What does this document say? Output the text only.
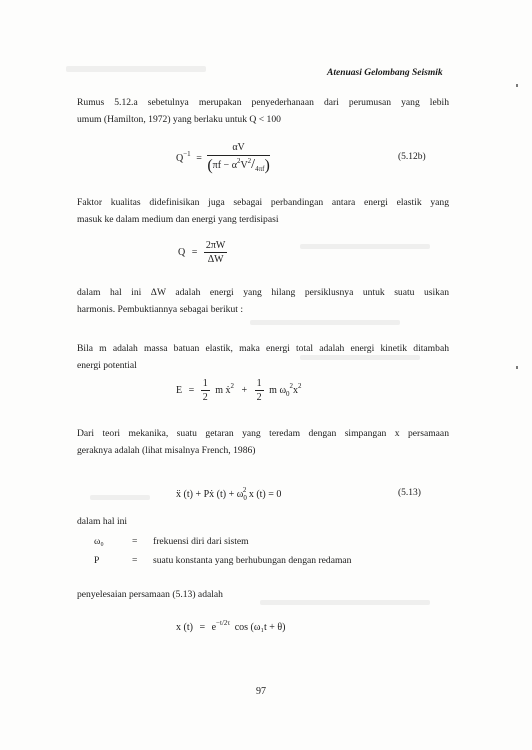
Atenuasi Gelombang Seismik
Rumus 5.12.a sebetulnya merupakan penyederhanaan dari perumusan yang lebih
umum (Hamilton, 1972) yang berlaku untuk Q < 100
$Q^{-1} = \frac{\alpha V}{(\pi f - \alpha^2V^2/_{4\pi f})}$	(5.12b)
Faktor kualitas didefinisikan juga sebagai perbandingan antara energi elastik yang
masuk ke dalam medium dan energi yang terdisipasi
$Q = \frac{2\pi W}{\Delta W}$
dalam hal ini ΔW adalah energi yang hilang persiklusnya untuk suatu usikan
harmonis. Pembuktiannya sebagai berikut :
Bila m adalah massa batuan elastik, maka energi total adalah energi kinetik ditambah
energi potential
$E = \frac{1}{2}$ m ẋ$^2$ + $\frac{1}{2}$ m $\omega_0^2x^2$
Dari teori mekanika, suatu getaran yang teredam dengan simpangan x persamaan
geraknya adalah (lihat misalnya French, 1986)
ẍ (t) + Pẋ $(t) + \omega_0^2$ x (t) = 0	(5.13)
dalam hal ini
ω₀	= frekuensi diri dari sistem
P	= suatu konstanta yang berhubungan dengan redaman
penyelesaian persamaan (5.13) adalah
x $(t) = e^{-t/2\tau}$ cos (ω₁t + θ)
97
